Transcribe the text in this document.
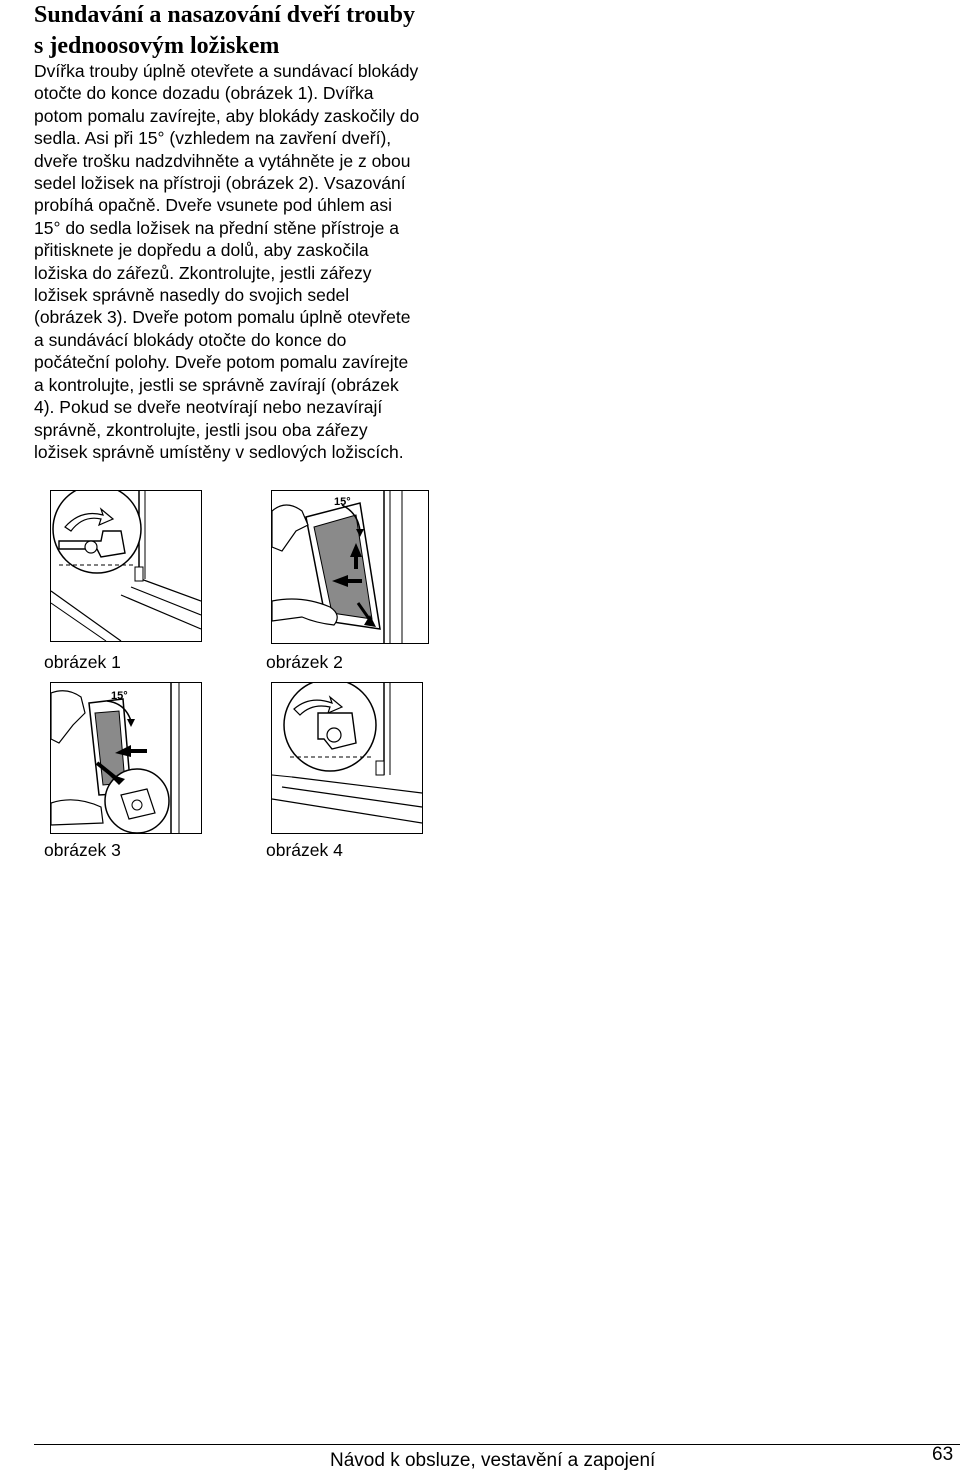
Sundavání a nasazování dveří trouby
s jednoosovým ložiskem
Dvířka trouby úplně otevřete a sundávací blokády
otočte do konce dozadu (obrázek 1). Dvířka
potom pomalu zavírejte, aby blokády zaskočily do
sedla. Asi při 15° (vzhledem na zavření dveří),
dveře trošku nadzdvihněte a vytáhněte je z obou
sedel ložisek na přístroji (obrázek 2). Vsazování
probíhá opačně. Dveře vsunete pod úhlem asi
15° do sedla ložisek na přední stěne přístroje a
přitisknete je dopředu a dolů, aby zaskočila
ložiska do zářezů. Zkontrolujte, jestli zářezy
ložisek správně nasedly do svojich sedel
(obrázek 3). Dveře potom pomalu úplně otevřete
a sundávácí blokády otočte do konce do
počáteční polohy. Dveře potom pomalu zavírejte
a kontrolujte, jestli se správně zavírají (obrázek
4). Pokud se dveře neotvírají nebo nezavírají
správně, zkontrolujte, jestli jsou oba zářezy
ložisek správně umístěny v sedlových ložiscích.
obrázek 1
15°
obrázek 2
15°
obrázek 3	obrázek 4
Návod k obsluze, vestavění a zapojení	63
